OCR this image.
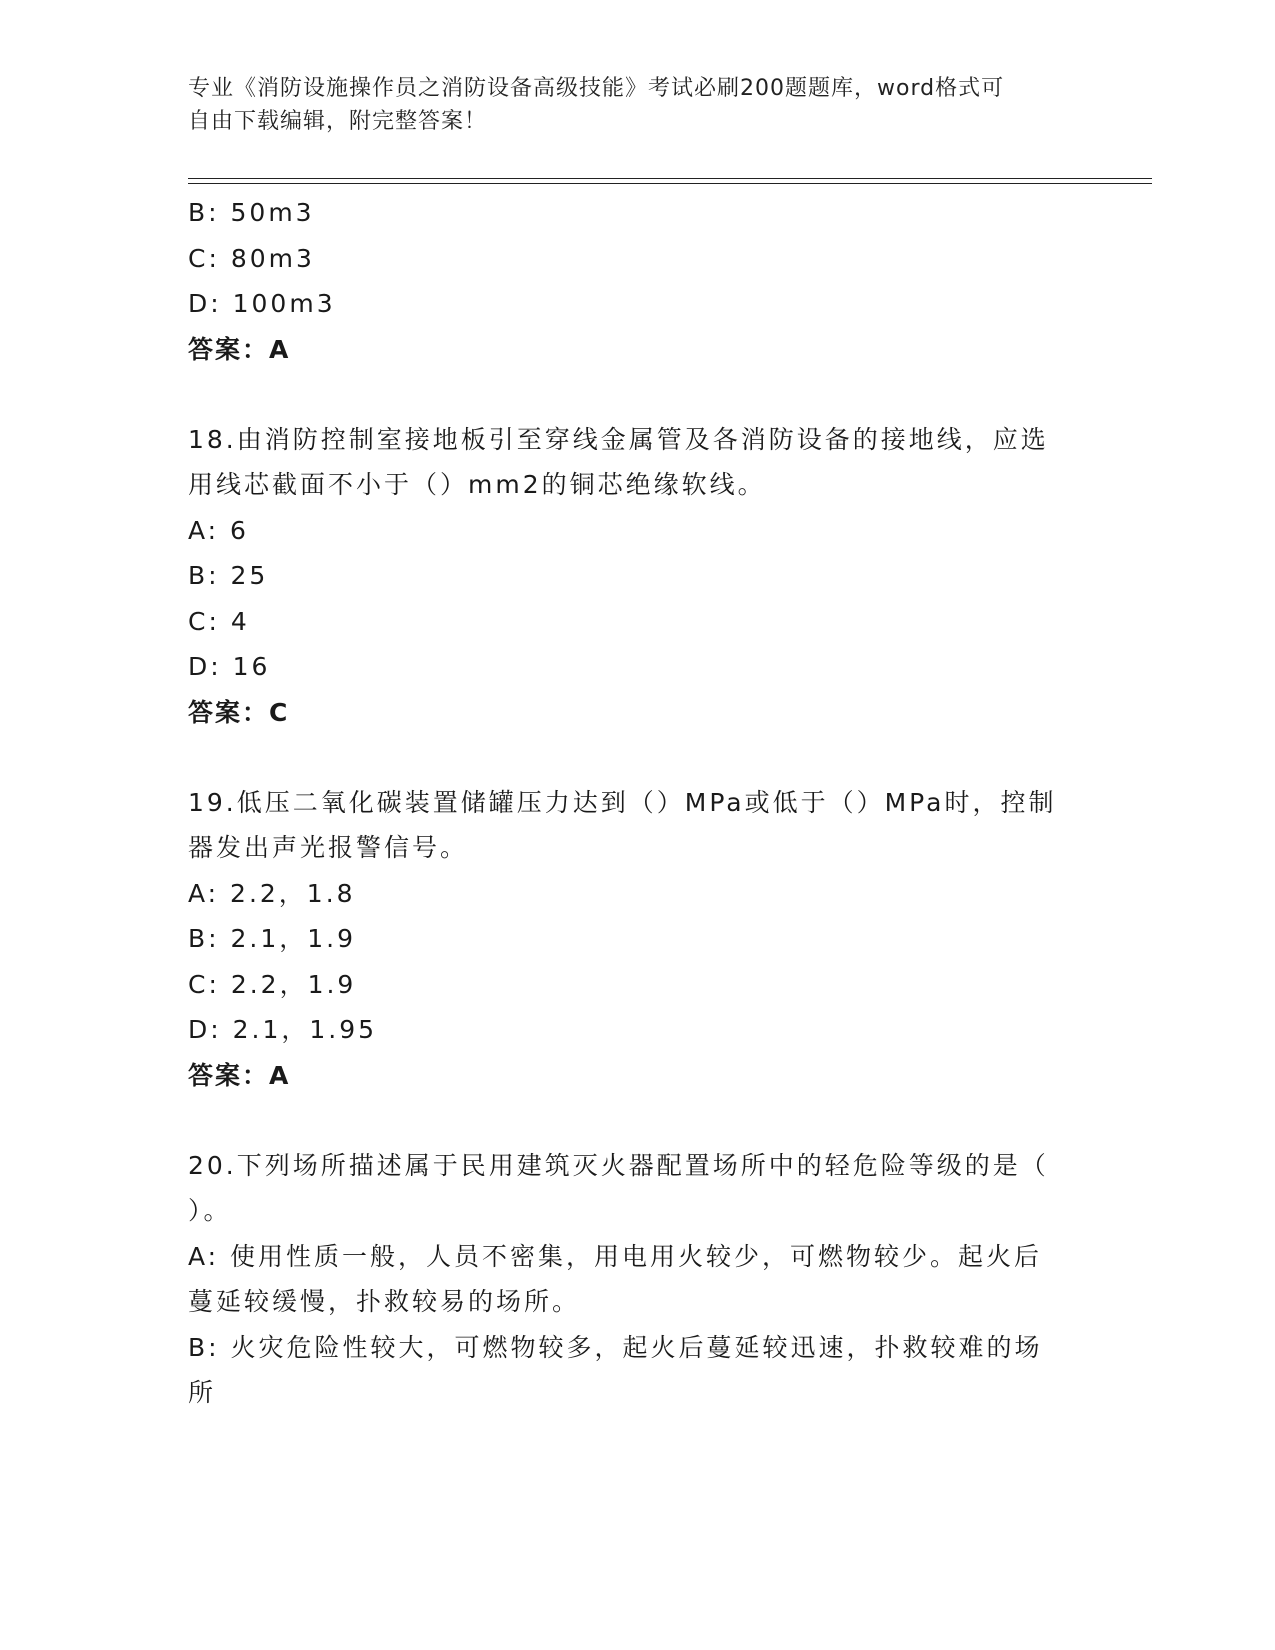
专业《消防设施操作员之消防设备高级技能》考试必刷200题题库，word格式可
自由下载编辑，附完整答案！
B: 50m3
C: 80m3
D: 100m3
答案：A
18.由消防控制室接地板引至穿线金属管及各消防设备的接地线，应选
用线芯截面不小于（）mm2的铜芯绝缘软线。
A: 6
B: 25
C: 4
D: 16
答案：C
19.低压二氧化碳装置储罐压力达到（）MPa或低于（）MPa时，控制
器发出声光报警信号。
A: 2.2，1.8
B: 2.1，1.9
C: 2.2，1.9
D: 2.1，1.95
答案：A
20.下列场所描述属于民用建筑灭火器配置场所中的轻危险等级的是（
）。
A: 使用性质一般，人员不密集，用电用火较少，可燃物较少。起火后
蔓延较缓慢，扑救较易的场所。
B: 火灾危险性较大，可燃物较多，起火后蔓延较迅速，扑救较难的场
所
